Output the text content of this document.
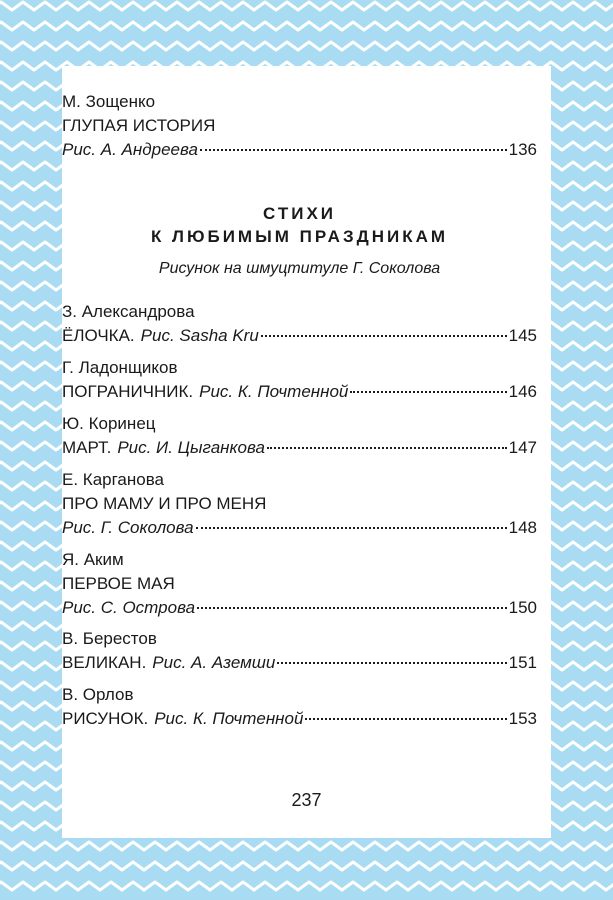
М. Зощенко
ГЛУПАЯ ИСТОРИЯ
Рис. А. Андреева	136
СТИХИ
К ЛЮБИМЫМ ПРАЗДНИКАМ
Рисунок на шмуцтитуле Г. Соколова
З. Александрова
ЁЛОЧКА. Рис. Sasha Kru	145
Г. Ладонщиков
ПОГРАНИЧНИК. Рис. К. Почтенной	146
Ю. Коринец
МАРТ. Рис. И. Цыганкова	147
Е. Карганова
ПРО МАМУ И ПРО МЕНЯ
Рис. Г. Соколова	148
Я. Аким
ПЕРВОЕ МАЯ
Рис. С. Острова	150
В. Берестов
ВЕЛИКАН. Рис. А. Аземши	151
В. Орлов
РИСУНОК. Рис. К. Почтенной	153
237
